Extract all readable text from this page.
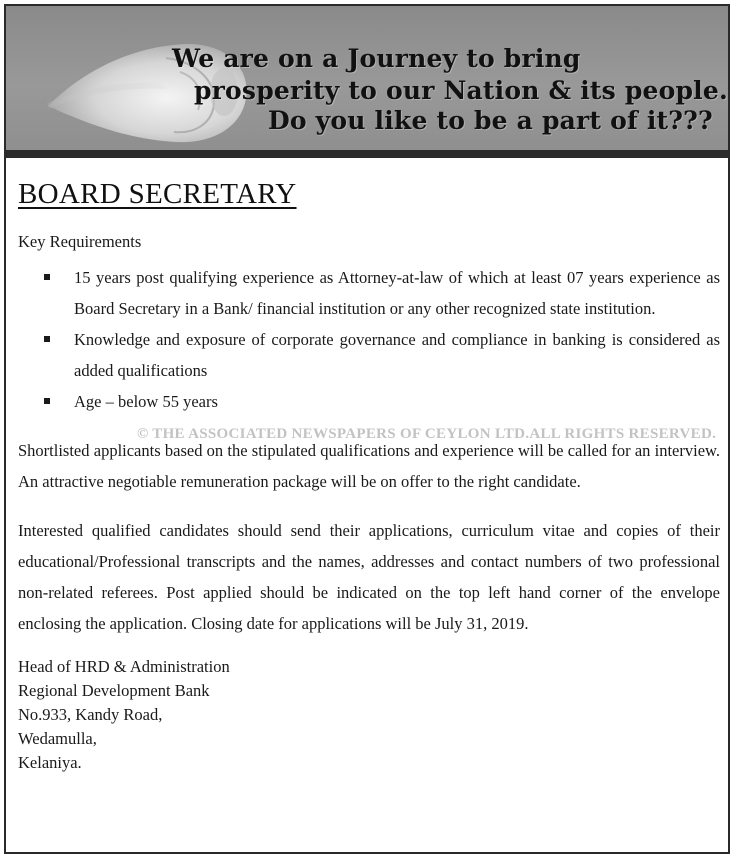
We are on a Journey to bring
prosperity to our Nation & its people.
Do you like to be a part of it???
BOARD SECRETARY
Key Requirements
15 years post qualifying experience as Attorney-at-law of which at least 07 years experience as Board Secretary in a Bank/ financial institution or any other recognized state institution.
Knowledge and exposure of corporate governance and compliance in banking is considered as added qualifications
Age – below 55 years

Shortlisted applicants based on the stipulated qualifications and experience will be called for an interview. An attractive negotiable remuneration package will be on offer to the right candidate.

Interested qualified candidates should send their applications, curriculum vitae and copies of their educational/Professional transcripts and the names, addresses and contact numbers of two professional non-related referees. Post applied should be indicated on the top left hand corner of the envelope enclosing the application. Closing date for applications will be July 31, 2019.

Head of HRD & Administration
Regional Development Bank
No.933, Kandy Road,
Wedamulla,
Kelaniya.
© THE ASSOCIATED NEWSPAPERS OF CEYLON LTD.ALL RIGHTS RESERVED.
